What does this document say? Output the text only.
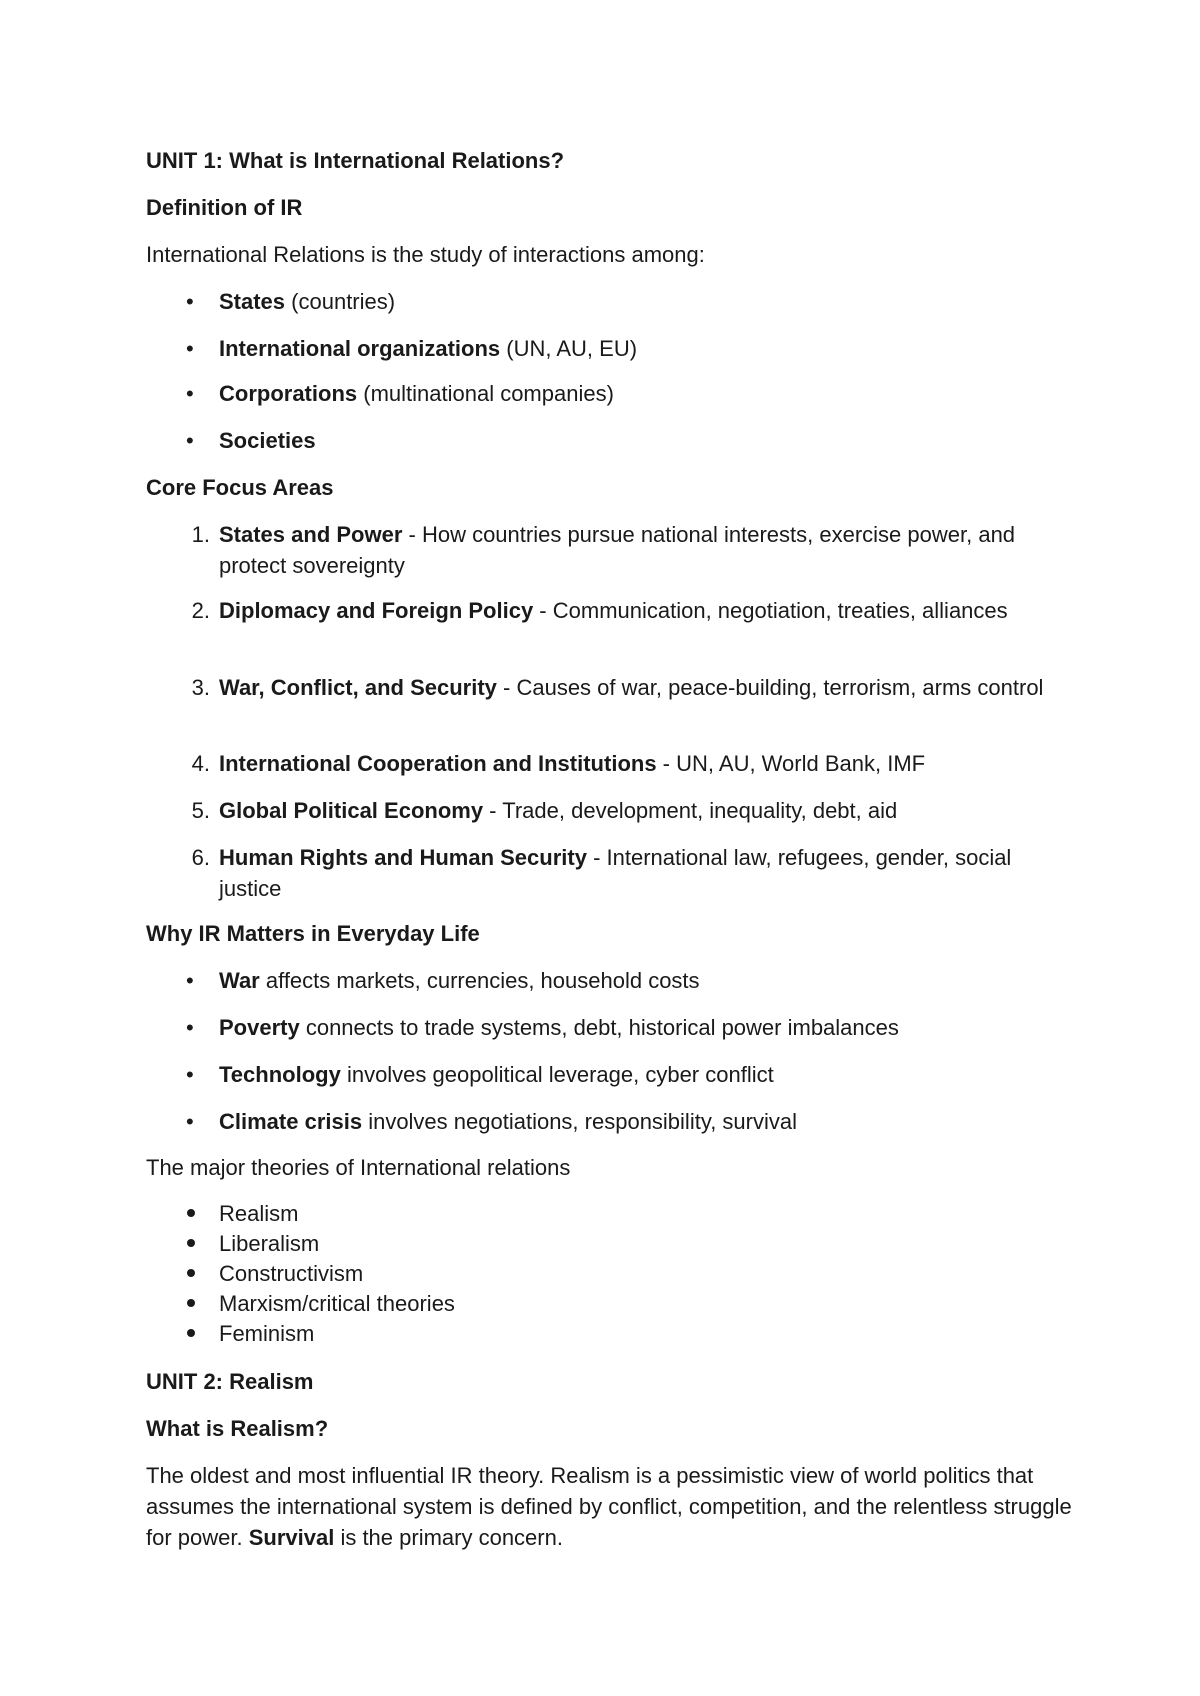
UNIT 1: What is International Relations?

Definition of IR

International Relations is the study of interactions among:

• States (countries)
• International organizations (UN, AU, EU)
• Corporations (multinational companies)
• Societies

Core Focus Areas

1. States and Power - How countries pursue national interests, exercise power, and protect sovereignty
2. Diplomacy and Foreign Policy - Communication, negotiation, treaties, alliances
3. War, Conflict, and Security - Causes of war, peace-building, terrorism, arms control
4. International Cooperation and Institutions - UN, AU, World Bank, IMF
5. Global Political Economy - Trade, development, inequality, debt, aid
6. Human Rights and Human Security - International law, refugees, gender, social justice

Why IR Matters in Everyday Life

• War affects markets, currencies, household costs
• Poverty connects to trade systems, debt, historical power imbalances
• Technology involves geopolitical leverage, cyber conflict
• Climate crisis involves negotiations, responsibility, survival

The major theories of International relations

Realism
Liberalism
Constructivism
Marxism/critical theories
Feminism

UNIT 2: Realism

What is Realism?

The oldest and most influential IR theory. Realism is a pessimistic view of world politics that assumes the international system is defined by conflict, competition, and the relentless struggle for power. Survival is the primary concern.
